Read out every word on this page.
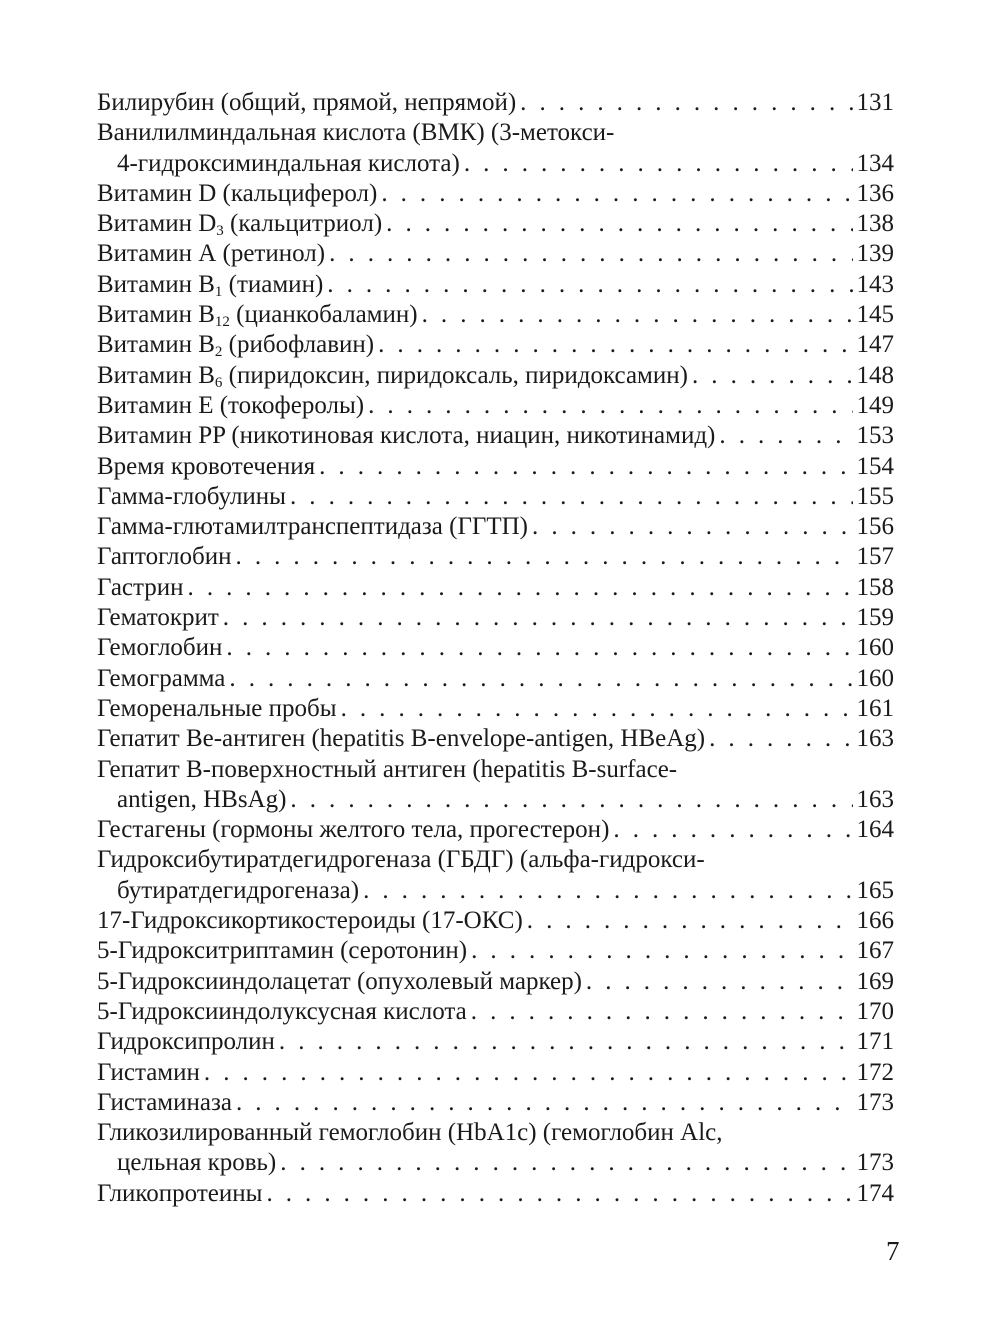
Билирубин (общий, прямой, непрямой) . . .	131
Ванилилминдальная кислота (ВМК) (3-метокси-
4-гидроксиминдальная кислота) . . .	134
Витамин D (кальциферол) . . .	136
Витамин $D_3$ (кальцитриол) . . .	138
Витамин А (ретинол) . . .	139
Витамин $B_1$ (тиамин) . . .	143
Витамин $B_{12}$ (цианкобаламин) . . .	145
Витамин $B_2$ (рибофлавин) . . .	147
Витамин $B_6$ (пиридоксин, пиридоксаль, пиридоксамин) . . .	148
Витамин Е (токоферолы) . . .	149
Витамин PP (никотиновая кислота, ниацин, никотинамид) . . .	153
Время кровотечения . . .	154
Гамма-глобулины . . .	155
Гамма-глютамилтранспептидаза (ГГТП) . . .	156
Гаптоглобин . . .	157
Гастрин . . .	158
Гематокрит . . .	159
Гемоглобин . . .	160
Гемограмма . . .	160
Геморенальные пробы . . .	161
Гепатит Ве-антиген (hepatitis B-envelope-antigen, HBeAg) . . .	163
Гепатит В-поверхностный антиген (hepatitis B-surface-
antigen, HBsAg) . . .	163
Гестагены (гормоны желтого тела, прогестерон) . . .	164
Гидроксибутиратдегидрогеназа (ГБДГ) (альфа-гидрокси-
бутиратдегидрогеназа) . . .	165
17-Гидроксикортикостероиды (17-ОКС) . . .	166
5-Гидрокситриптамин (серотонин) . . .	167
5-Гидроксииндолацетат (опухолевый маркер) . . .	169
5-Гидроксииндолуксусная кислота . . .	170
Гидроксипролин . . .	171
Гистамин . . .	172
Гистаминаза . . .	173
Гликозилированный гемоглобин (HbA1c) (гемоглобин Alc,
цельная кровь) . . .	173
Гликопротеины . . .	174
7
